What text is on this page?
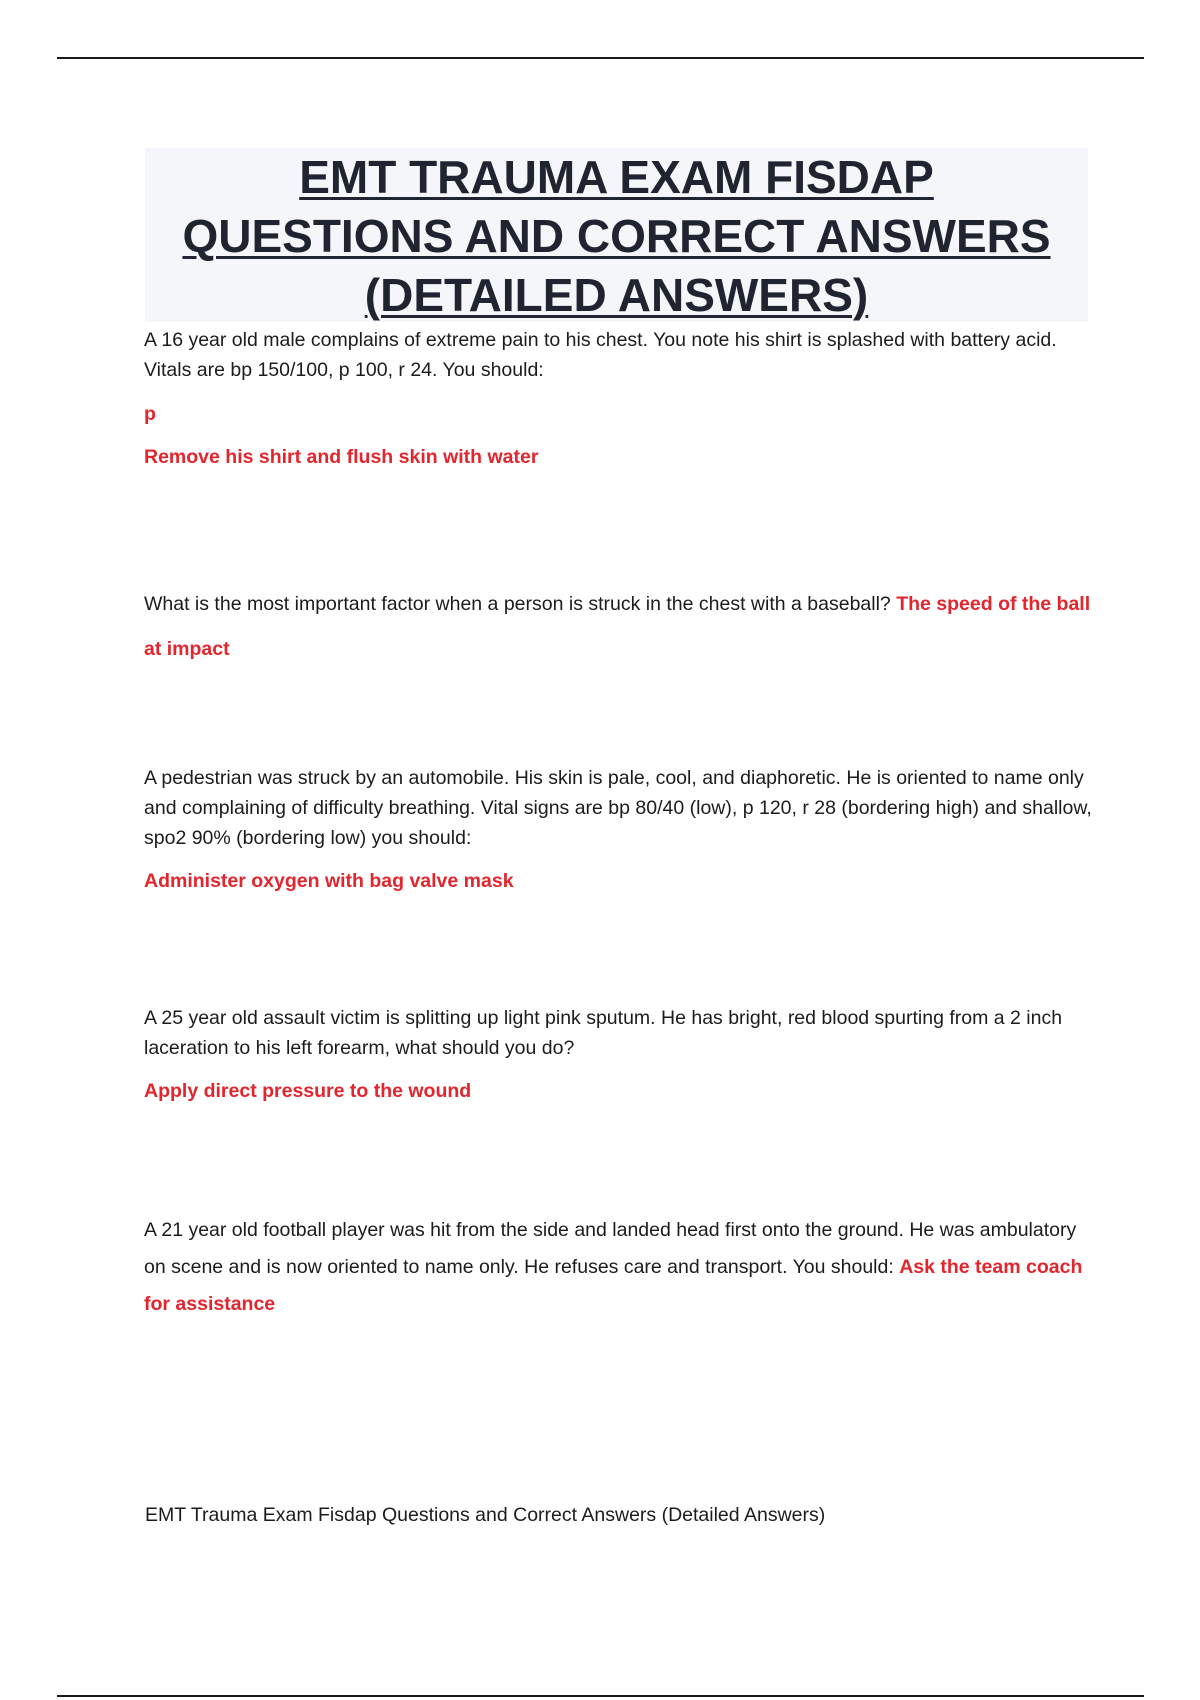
EMT TRAUMA EXAM FISDAP
QUESTIONS AND CORRECT ANSWERS
(DETAILED ANSWERS)

A 16 year old male complains of extreme pain to his chest. You note his shirt is splashed with battery acid. Vitals are bp 150/100, p 100, r 24. You should:

p

Remove his shirt and flush skin with water

What is the most important factor when a person is struck in the chest with a baseball? The speed of the ball at impact

A pedestrian was struck by an automobile. His skin is pale, cool, and diaphoretic. He is oriented to name only and complaining of difficulty breathing. Vital signs are bp 80/40 (low), p 120, r 28 (bordering high) and shallow, spo2 90% (bordering low) you should:

Administer oxygen with bag valve mask

A 25 year old assault victim is splitting up light pink sputum. He has bright, red blood spurting from a 2 inch laceration to his left forearm, what should you do?

Apply direct pressure to the wound

A 21 year old football player was hit from the side and landed head first onto the ground. He was ambulatory on scene and is now oriented to name only. He refuses care and transport. You should: Ask the team coach for assistance

EMT Trauma Exam Fisdap Questions and Correct Answers (Detailed Answers)
